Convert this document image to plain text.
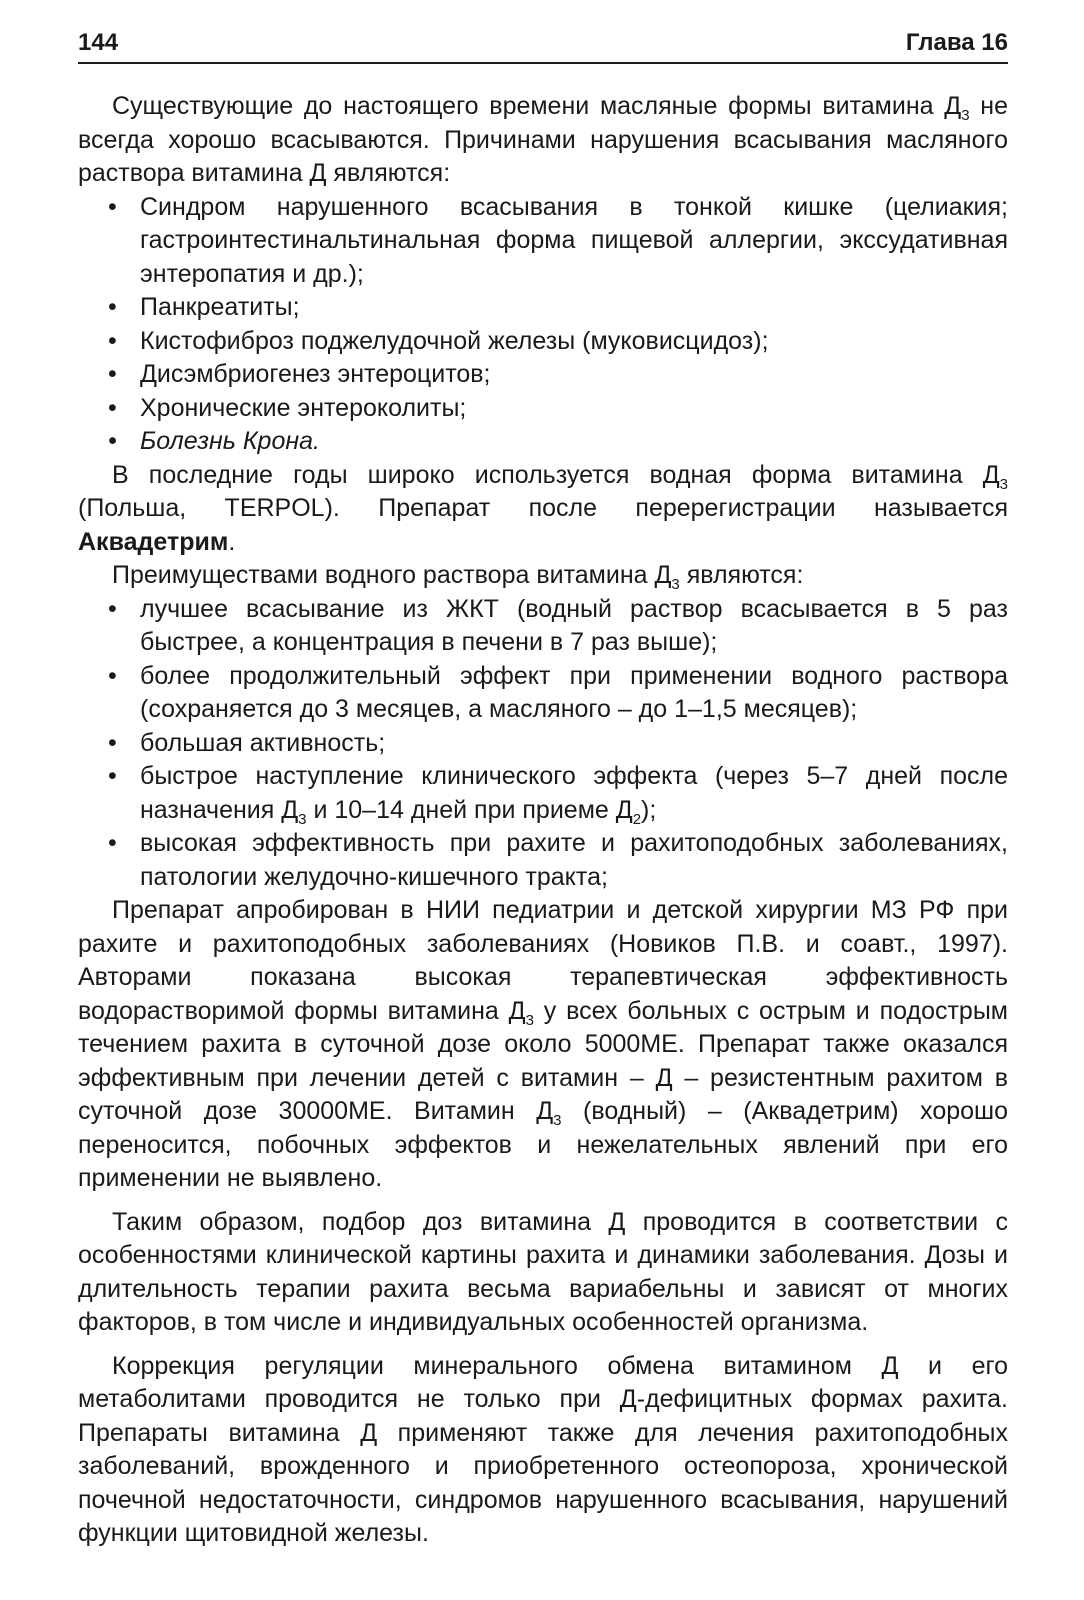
144	Глава 16

Существующие до настоящего времени масляные формы витамина $Д_3$ не всегда хорошо всасываются. Причинами нарушения всасывания масляного раствора витамина Д являются:

• Синдром нарушенного всасывания в тонкой кишке (целиакия; гастроинтестинальтинальная форма пищевой аллергии, экссудативная энтеропатия и др.);
• Панкреатиты;
• Кистофиброз поджелудочной железы (муковисцидоз);
• Дисэмбриогенез энтероцитов;
• Хронические энтероколиты;
• Болезнь Крона.

В последние годы широко используется водная форма витамина $Д_3$ (Польша, TERPOL). Препарат после перерегистрации называется Аквадетрим.

Преимуществами водного раствора витамина $Д_3$ являются:

• лучшее всасывание из ЖКТ (водный раствор всасывается в 5 раз быстрее, а концентрация в печени в 7 раз выше);
• более продолжительный эффект при применении водного раствора (сохраняется до 3 месяцев, а масляного – до 1–1,5 месяцев);
• большая активность;
• быстрое наступление клинического эффекта (через 5–7 дней после назначения $Д_3$ и 10–14 дней при приеме $Д_2$);
• высокая эффективность при рахите и рахитоподобных заболеваниях, патологии желудочно-кишечного тракта;

Препарат апробирован в НИИ педиатрии и детской хирургии МЗ РФ при рахите и рахитоподобных заболеваниях (Новиков П.В. и соавт., 1997). Авторами показана высокая терапевтическая эффективность водорастворимой формы витамина $Д_3$ у всех больных с острым и подострым течением рахита в суточной дозе около 5000МЕ. Препарат также оказался эффективным при лечении детей с витамин – Д – резистентным рахитом в суточной дозе 30000МЕ. Витамин $Д_3$ (водный) – (Аквадетрим) хорошо переносится, побочных эффектов и нежелательных явлений при его применении не выявлено.

Таким образом, подбор доз витамина Д проводится в соответствии с особенностями клинической картины рахита и динамики заболевания. Дозы и длительность терапии рахита весьма вариабельны и зависят от многих факторов, в том числе и индивидуальных особенностей организма.

Коррекция регуляции минерального обмена витамином Д и его метаболитами проводится не только при Д-дефицитных формах рахита. Препараты витамина Д применяют также для лечения рахитоподобных заболеваний, врожденного и приобретенного остеопороза, хронической почечной недостаточности, синдромов нарушенного всасывания, нарушений функции щитовидной железы.
